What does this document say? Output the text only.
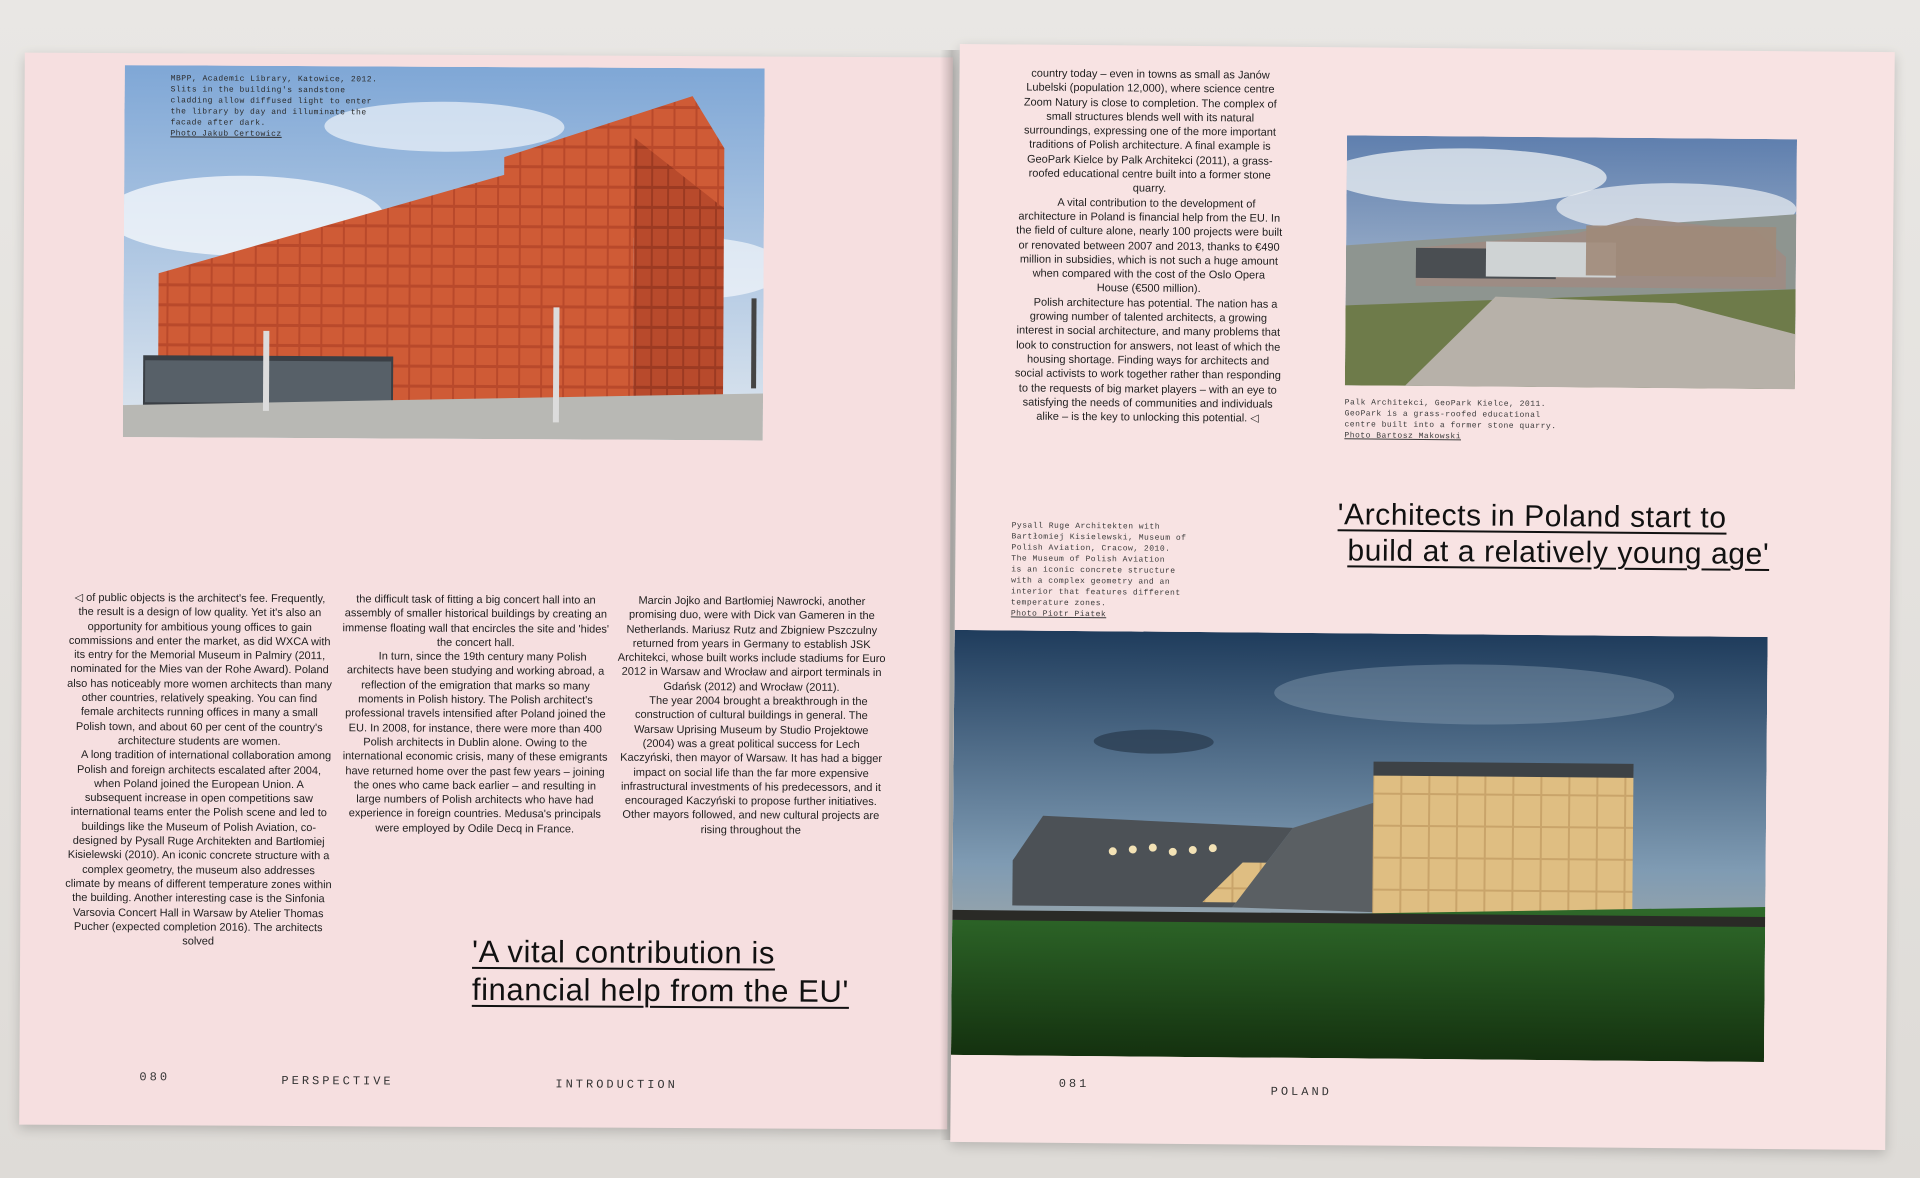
MBPP, Academic Library, Katowice, 2012.
Slits in the building's sandstone
cladding allow diffused light to enter
the library by day and illuminate the
facade after dark.
Photo Jakub Certowicz

◁ of public objects is the architect's fee. Frequently, the result is a design of low quality. Yet it's also an opportunity for ambitious young offices to gain commissions and enter the market, as did WXCA with its entry for the Memorial Museum in Palmiry (2011, nominated for the Mies van der Rohe Award). Poland also has noticeably more women architects than many other countries, relatively speaking. You can find female architects running offices in many a small Polish town, and about 60 per cent of the country's architecture students are women.

A long tradition of international collaboration among Polish and foreign architects escalated after 2004, when Poland joined the European Union. A subsequent increase in open competitions saw international teams enter the Polish scene and led to buildings like the Museum of Polish Aviation, co-designed by Pysall Ruge Architekten and Bartłomiej Kisielewski (2010). An iconic concrete structure with a complex geometry, the museum also addresses climate by means of different temperature zones within the building. Another interesting case is the Sinfonia Varsovia Concert Hall in Warsaw by Atelier Thomas Pucher (expected completion 2016). The architects solved

the difficult task of fitting a big concert hall into an assembly of smaller historical buildings by creating an immense floating wall that encircles the site and 'hides' the concert hall.

In turn, since the 19th century many Polish architects have been studying and working abroad, a reflection of the emigration that marks so many moments in Polish history. The Polish architect's professional travels intensified after Poland joined the EU. In 2008, for instance, there were more than 400 Polish architects in Dublin alone. Owing to the international economic crisis, many of these emigrants have returned home over the past few years – joining the ones who came back earlier – and resulting in large numbers of Polish architects who have had experience in foreign countries. Medusa's principals were employed by Odile Decq in France.

Marcin Jojko and Bartłomiej Nawrocki, another promising duo, were with Dick van Gameren in the Netherlands. Mariusz Rutz and Zbigniew Pszczulny returned from years in Germany to establish JSK Architekci, whose built works include stadiums for Euro 2012 in Warsaw and Wrocław and airport terminals in Gdańsk (2012) and Wrocław (2011).

The year 2004 brought a breakthrough in the construction of cultural buildings in general. The Warsaw Uprising Museum by Studio Projektowe (2004) was a great political success for Lech Kaczyński, then mayor of Warsaw. It has had a bigger impact on social life than the far more expensive infrastructural investments of his predecessors, and it encouraged Kaczyński to propose further initiatives. Other mayors followed, and new cultural projects are rising throughout the

'A vital contribution is
financial help from the EU'
080	PERSPECTIVE	INTRODUCTION

country today – even in towns as small as Janów Lubelski (population 12,000), where science centre Zoom Natury is close to completion. The complex of small structures blends well with its natural surroundings, expressing one of the more important traditions of Polish architecture. A final example is GeoPark Kielce by Palk Architekci (2011), a grass-roofed educational centre built into a former stone quarry.

A vital contribution to the development of architecture in Poland is financial help from the EU. In the field of culture alone, nearly 100 projects were built or renovated between 2007 and 2013, thanks to €490 million in subsidies, which is not such a huge amount when compared with the cost of the Oslo Opera House (€500 million).

Polish architecture has potential. The nation has a growing number of talented architects, a growing interest in social architecture, and many problems that look to construction for answers, not least of which the housing shortage. Finding ways for architects and social activists to work together rather than responding to the requests of big market players – with an eye to satisfying the needs of communities and individuals alike – is the key to unlocking this potential. ◁

Palk Architekci, GeoPark Kielce, 2011.
GeoPark is a grass-roofed educational
centre built into a former stone quarry.
Photo Bartosz Makowski
Pysall Ruge Architekten with
Bartłomiej Kisielewski, Museum of
Polish Aviation, Cracow, 2010.
The Museum of Polish Aviation
is an iconic concrete structure
with a complex geometry and an
interior that features different
temperature zones.
Photo Piotr Piatek
'Architects in Poland start to
build at a relatively young age'
081
POLAND
